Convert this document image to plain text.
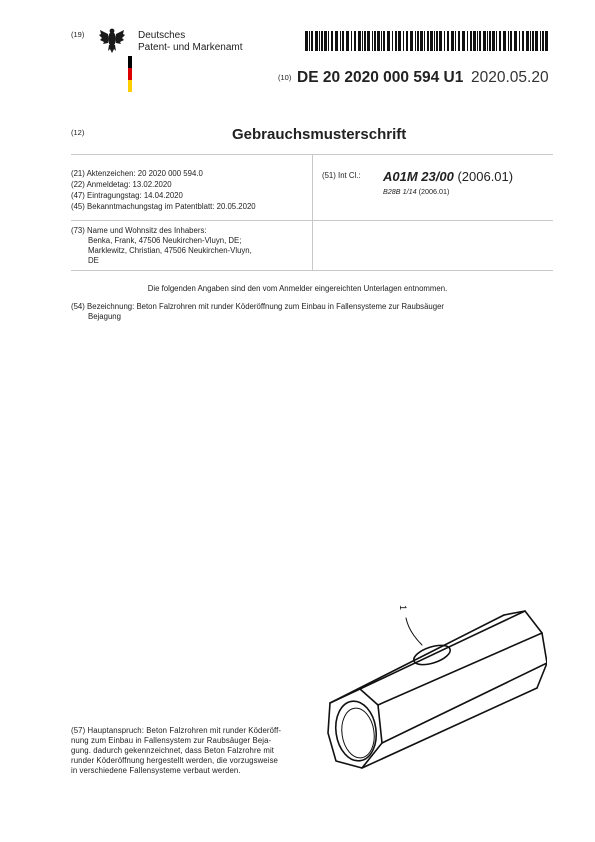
(19)	Deutsches
Patent- und Markenamt
(10) DE 20 2020 000 594 U1 2020.05.20
(12)	Gebrauchsmusterschrift
(21) Aktenzeichen: 20 2020 000 594.0
(22) Anmeldetag: 13.02.2020
(47) Eintragungstag: 14.04.2020
(45) Bekanntmachungstag im Patentblatt: 20.05.2020
(51) Int Cl.: A01M 23/00 (2006.01)
B28B 1/14 (2006.01)
(73) Name und Wohnsitz des Inhabers:
Benka, Frank, 47506 Neukirchen-Vluyn, DE;
Marklewitz, Christian, 47506 Neukirchen-Vluyn,
DE
Die folgenden Angaben sind den vom Anmelder eingereichten Unterlagen entnommen.
(54) Bezeichnung: Beton Falzrohren mit runder Köderöffnung zum Einbau in Fallensysteme zur Raubsäuger
Bejagung
(57) Hauptanspruch: Beton Falzrohren mit runder Köderöff-
nung zum Einbau in Fallensystem zur Raubsäuger Beja-
gung. dadurch gekennzeichnet, dass Beton Falzrohre mit
runder Köderöffnung hergestellt werden, die vorzugsweise
in verschiedene Fallensysteme verbaut werden.
1
